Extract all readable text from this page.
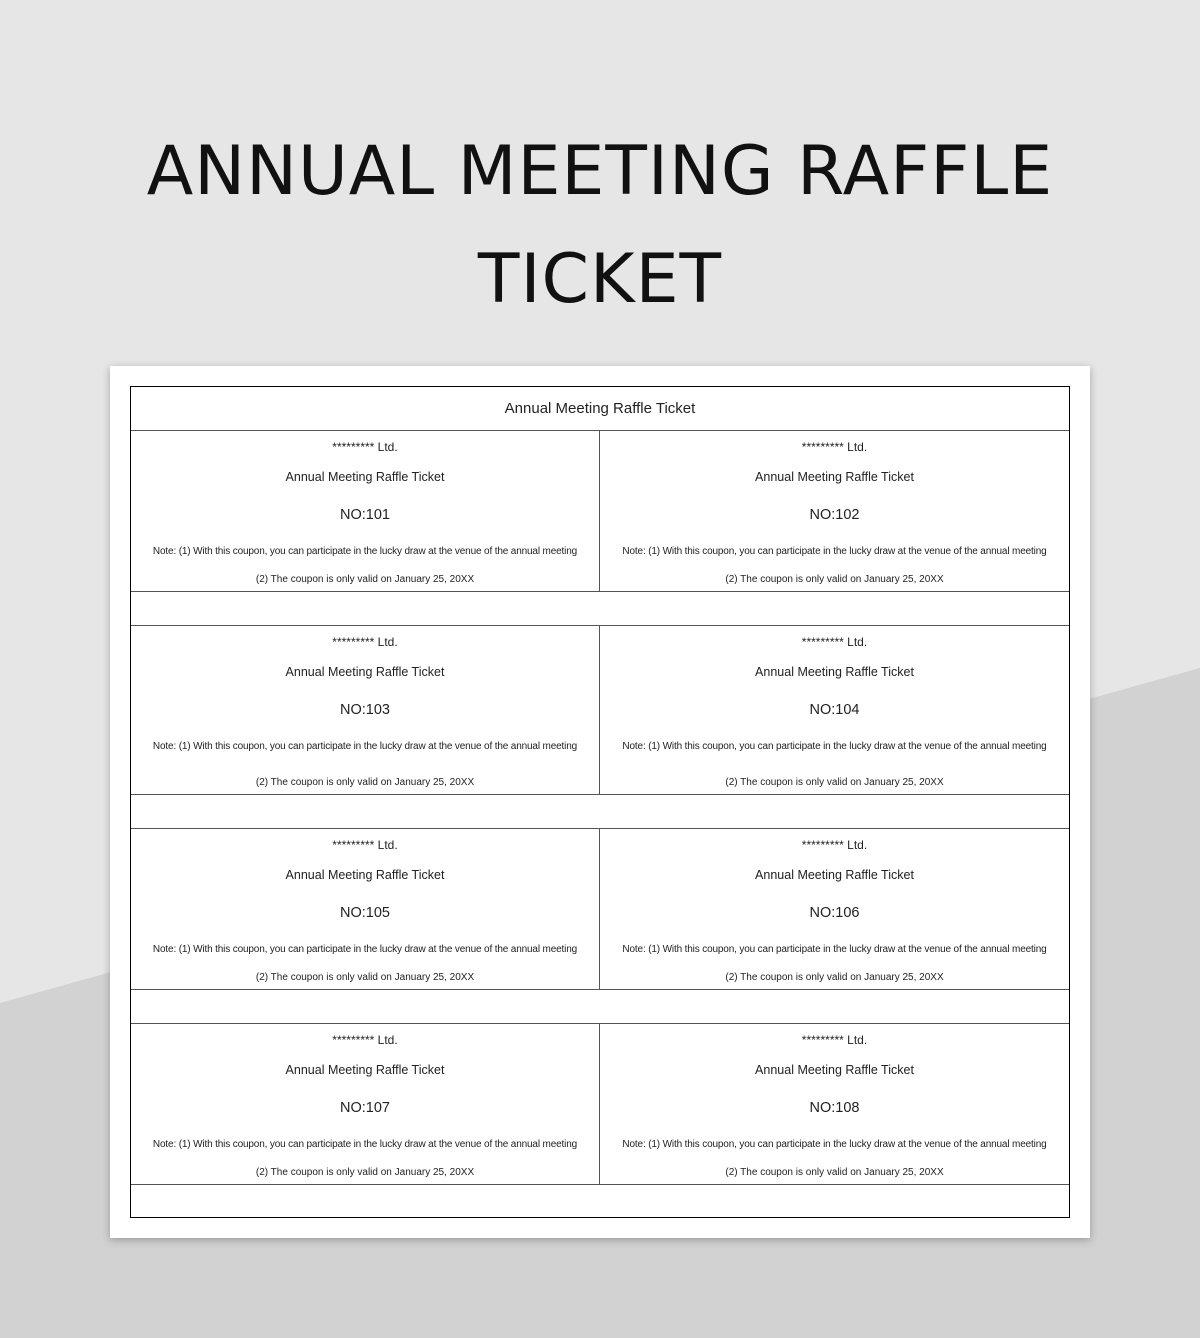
ANNUAL MEETING RAFFLE
TICKET
Annual Meeting Raffle Ticket
********* Ltd.
Annual Meeting Raffle Ticket
NO:101
Note: (1) With this coupon, you can participate in the lucky draw at the venue of the annual meeting
(2) The coupon is only valid on January 25, 20XX
********* Ltd.
Annual Meeting Raffle Ticket
NO:102
Note: (1) With this coupon, you can participate in the lucky draw at the venue of the annual meeting
(2) The coupon is only valid on January 25, 20XX
********* Ltd.
Annual Meeting Raffle Ticket
NO:103
Note: (1) With this coupon, you can participate in the lucky draw at the venue of the annual meeting
(2) The coupon is only valid on January 25, 20XX
********* Ltd.
Annual Meeting Raffle Ticket
NO:104
Note: (1) With this coupon, you can participate in the lucky draw at the venue of the annual meeting
(2) The coupon is only valid on January 25, 20XX
********* Ltd.
Annual Meeting Raffle Ticket
NO:105
Note: (1) With this coupon, you can participate in the lucky draw at the venue of the annual meeting
(2) The coupon is only valid on January 25, 20XX
********* Ltd.
Annual Meeting Raffle Ticket
NO:106
Note: (1) With this coupon, you can participate in the lucky draw at the venue of the annual meeting
(2) The coupon is only valid on January 25, 20XX
********* Ltd.
Annual Meeting Raffle Ticket
NO:107
Note: (1) With this coupon, you can participate in the lucky draw at the venue of the annual meeting
(2) The coupon is only valid on January 25, 20XX
********* Ltd.
Annual Meeting Raffle Ticket
NO:108
Note: (1) With this coupon, you can participate in the lucky draw at the venue of the annual meeting
(2) The coupon is only valid on January 25, 20XX
